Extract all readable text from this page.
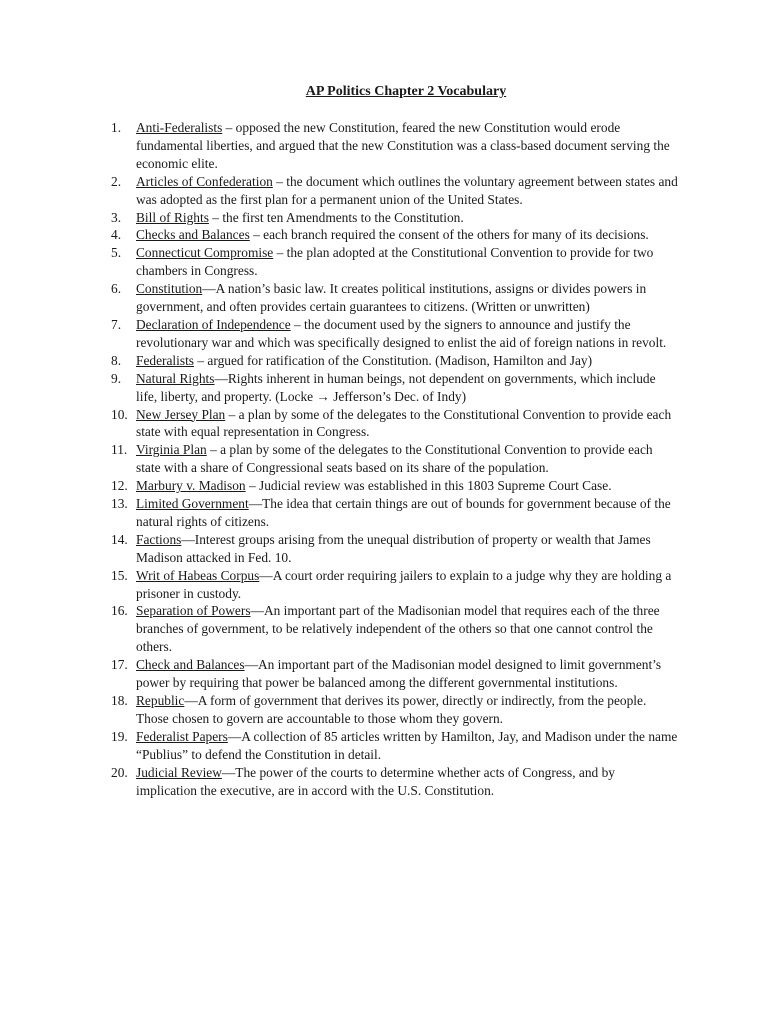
AP Politics Chapter 2 Vocabulary
1. Anti-Federalists – opposed the new Constitution, feared the new Constitution would erode fundamental liberties, and argued that the new Constitution was a class-based document serving the economic elite.
2. Articles of Confederation – the document which outlines the voluntary agreement between states and was adopted as the first plan for a permanent union of the United States.
3. Bill of Rights – the first ten Amendments to the Constitution.
4. Checks and Balances – each branch required the consent of the others for many of its decisions.
5. Connecticut Compromise – the plan adopted at the Constitutional Convention to provide for two chambers in Congress.
6. Constitution—A nation’s basic law. It creates political institutions, assigns or divides powers in government, and often provides certain guarantees to citizens. (Written or unwritten)
7. Declaration of Independence – the document used by the signers to announce and justify the revolutionary war and which was specifically designed to enlist the aid of foreign nations in revolt.
8. Federalists – argued for ratification of the Constitution. (Madison, Hamilton and Jay)
9. Natural Rights—Rights inherent in human beings, not dependent on governments, which include life, liberty, and property. (Locke → Jefferson’s Dec. of Indy)
10. New Jersey Plan – a plan by some of the delegates to the Constitutional Convention to provide each state with equal representation in Congress.
11. Virginia Plan – a plan by some of the delegates to the Constitutional Convention to provide each state with a share of Congressional seats based on its share of the population.
12. Marbury v. Madison – Judicial review was established in this 1803 Supreme Court Case.
13. Limited Government—The idea that certain things are out of bounds for government because of the natural rights of citizens.
14. Factions—Interest groups arising from the unequal distribution of property or wealth that James Madison attacked in Fed. 10.
15. Writ of Habeas Corpus—A court order requiring jailers to explain to a judge why they are holding a prisoner in custody.
16. Separation of Powers—An important part of the Madisonian model that requires each of the three branches of government, to be relatively independent of the others so that one cannot control the others.
17. Check and Balances—An important part of the Madisonian model designed to limit government’s power by requiring that power be balanced among the different governmental institutions.
18. Republic—A form of government that derives its power, directly or indirectly, from the people. Those chosen to govern are accountable to those whom they govern.
19. Federalist Papers—A collection of 85 articles written by Hamilton, Jay, and Madison under the name “Publius” to defend the Constitution in detail.
20. Judicial Review—The power of the courts to determine whether acts of Congress, and by implication the executive, are in accord with the U.S. Constitution.
